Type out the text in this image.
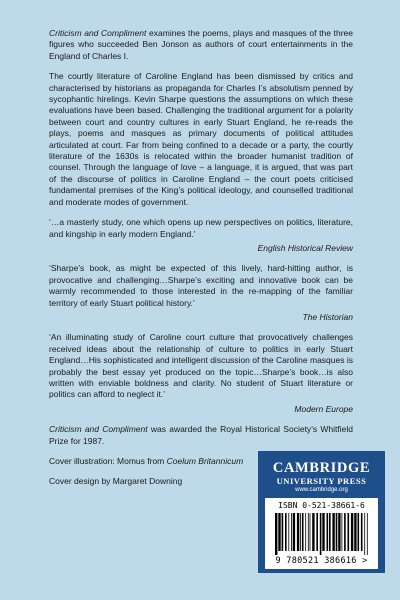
Criticism and Compliment examines the poems, plays and masques of the three figures who succeeded Ben Jonson as authors of court entertainments in the England of Charles I.

The courtly literature of Caroline England has been dismissed by critics and characterised by historians as propaganda for Charles I’s absolutism penned by sycophantic hirelings. Kevin Sharpe questions the assumptions on which these evaluations have been based. Challenging the traditional argument for a polarity between court and country cultures in early Stuart England, he re-reads the plays, poems and masques as primary documents of political attitudes articulated at court. Far from being confined to a decade or a party, the courtly literature of the 1630s is relocated within the broader humanist tradition of counsel. Through the language of love – a language, it is argued, that was part of the discourse of politics in Caroline England – the court poets criticised fundamental premises of the King’s political ideology, and counselled traditional and moderate modes of government.

‘…a masterly study, one which opens up new perspectives on politics, literature, and kingship in early modern England.’

English Historical Review

‘Sharpe’s book, as might be expected of this lively, hard-hitting author, is provocative and challenging…Sharpe’s exciting and innovative book can be warmly recommended to those interested in the re-mapping of the familiar territory of early Stuart political history.’

The Historian

‘An illuminating study of Caroline court culture that provocatively challenges received ideas about the relationship of culture to politics in early Stuart England…His sophisticated and intelligent discussion of the Caroline masques is probably the best essay yet produced on the topic…Sharpe’s book…is also written with enviable boldness and clarity. No student of Stuart literature or politics can afford to neglect it.’

Modern Europe

Criticism and Compliment was awarded the Royal Historical Society’s Whitfield Prize for 1987.

Cover illustration: Momus from Coelum Britannicum

Cover design by Margaret Downing

CAMBRIDGE
UNIVERSITY PRESS
www.cambridge.org
ISBN 0-521-38661-6
9 780521 386616 >
